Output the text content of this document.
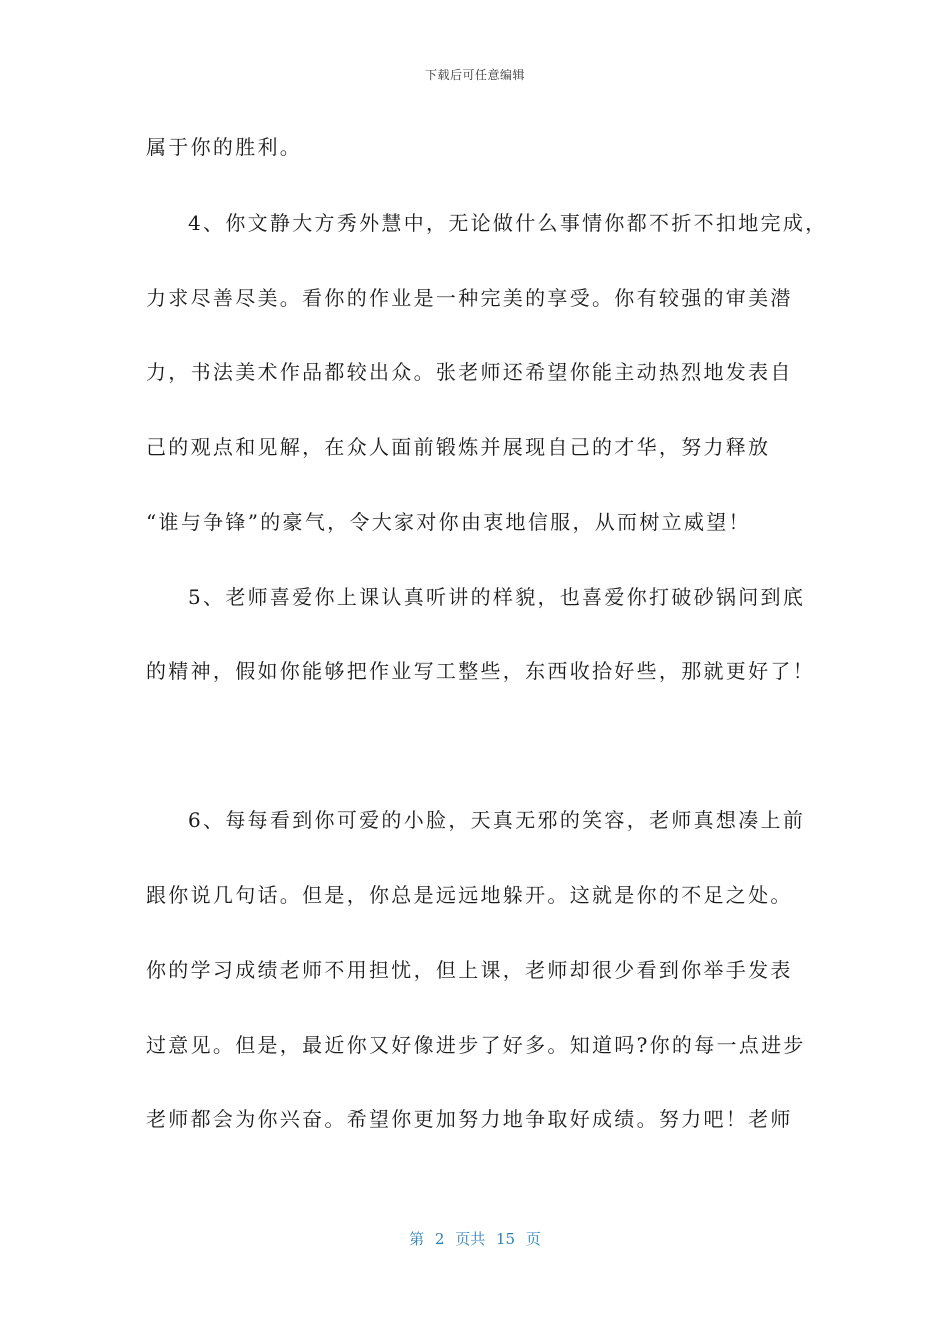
下载后可任意编辑
属于你的胜利。
4、你文静大方秀外慧中，无论做什么事情你都不折不扣地完成，
力求尽善尽美。看你的作业是一种完美的享受。你有较强的审美潜
力，书法美术作品都较出众。张老师还希望你能主动热烈地发表自
己的观点和见解，在众人面前锻炼并展现自己的才华，努力释放
“谁与争锋”的豪气，令大家对你由衷地信服，从而树立威望！
5、老师喜爱你上课认真听讲的样貌，也喜爱你打破砂锅问到底
的精神，假如你能够把作业写工整些，东西收拾好些，那就更好了！
6、每每看到你可爱的小脸，天真无邪的笑容，老师真想凑上前
跟你说几句话。但是，你总是远远地躲开。这就是你的不足之处。
你的学习成绩老师不用担忧，但上课，老师却很少看到你举手发表
过意见。但是，最近你又好像进步了好多。知道吗?你的每一点进步
老师都会为你兴奋。希望你更加努力地争取好成绩。努力吧！老师
第 2 页共 15 页
